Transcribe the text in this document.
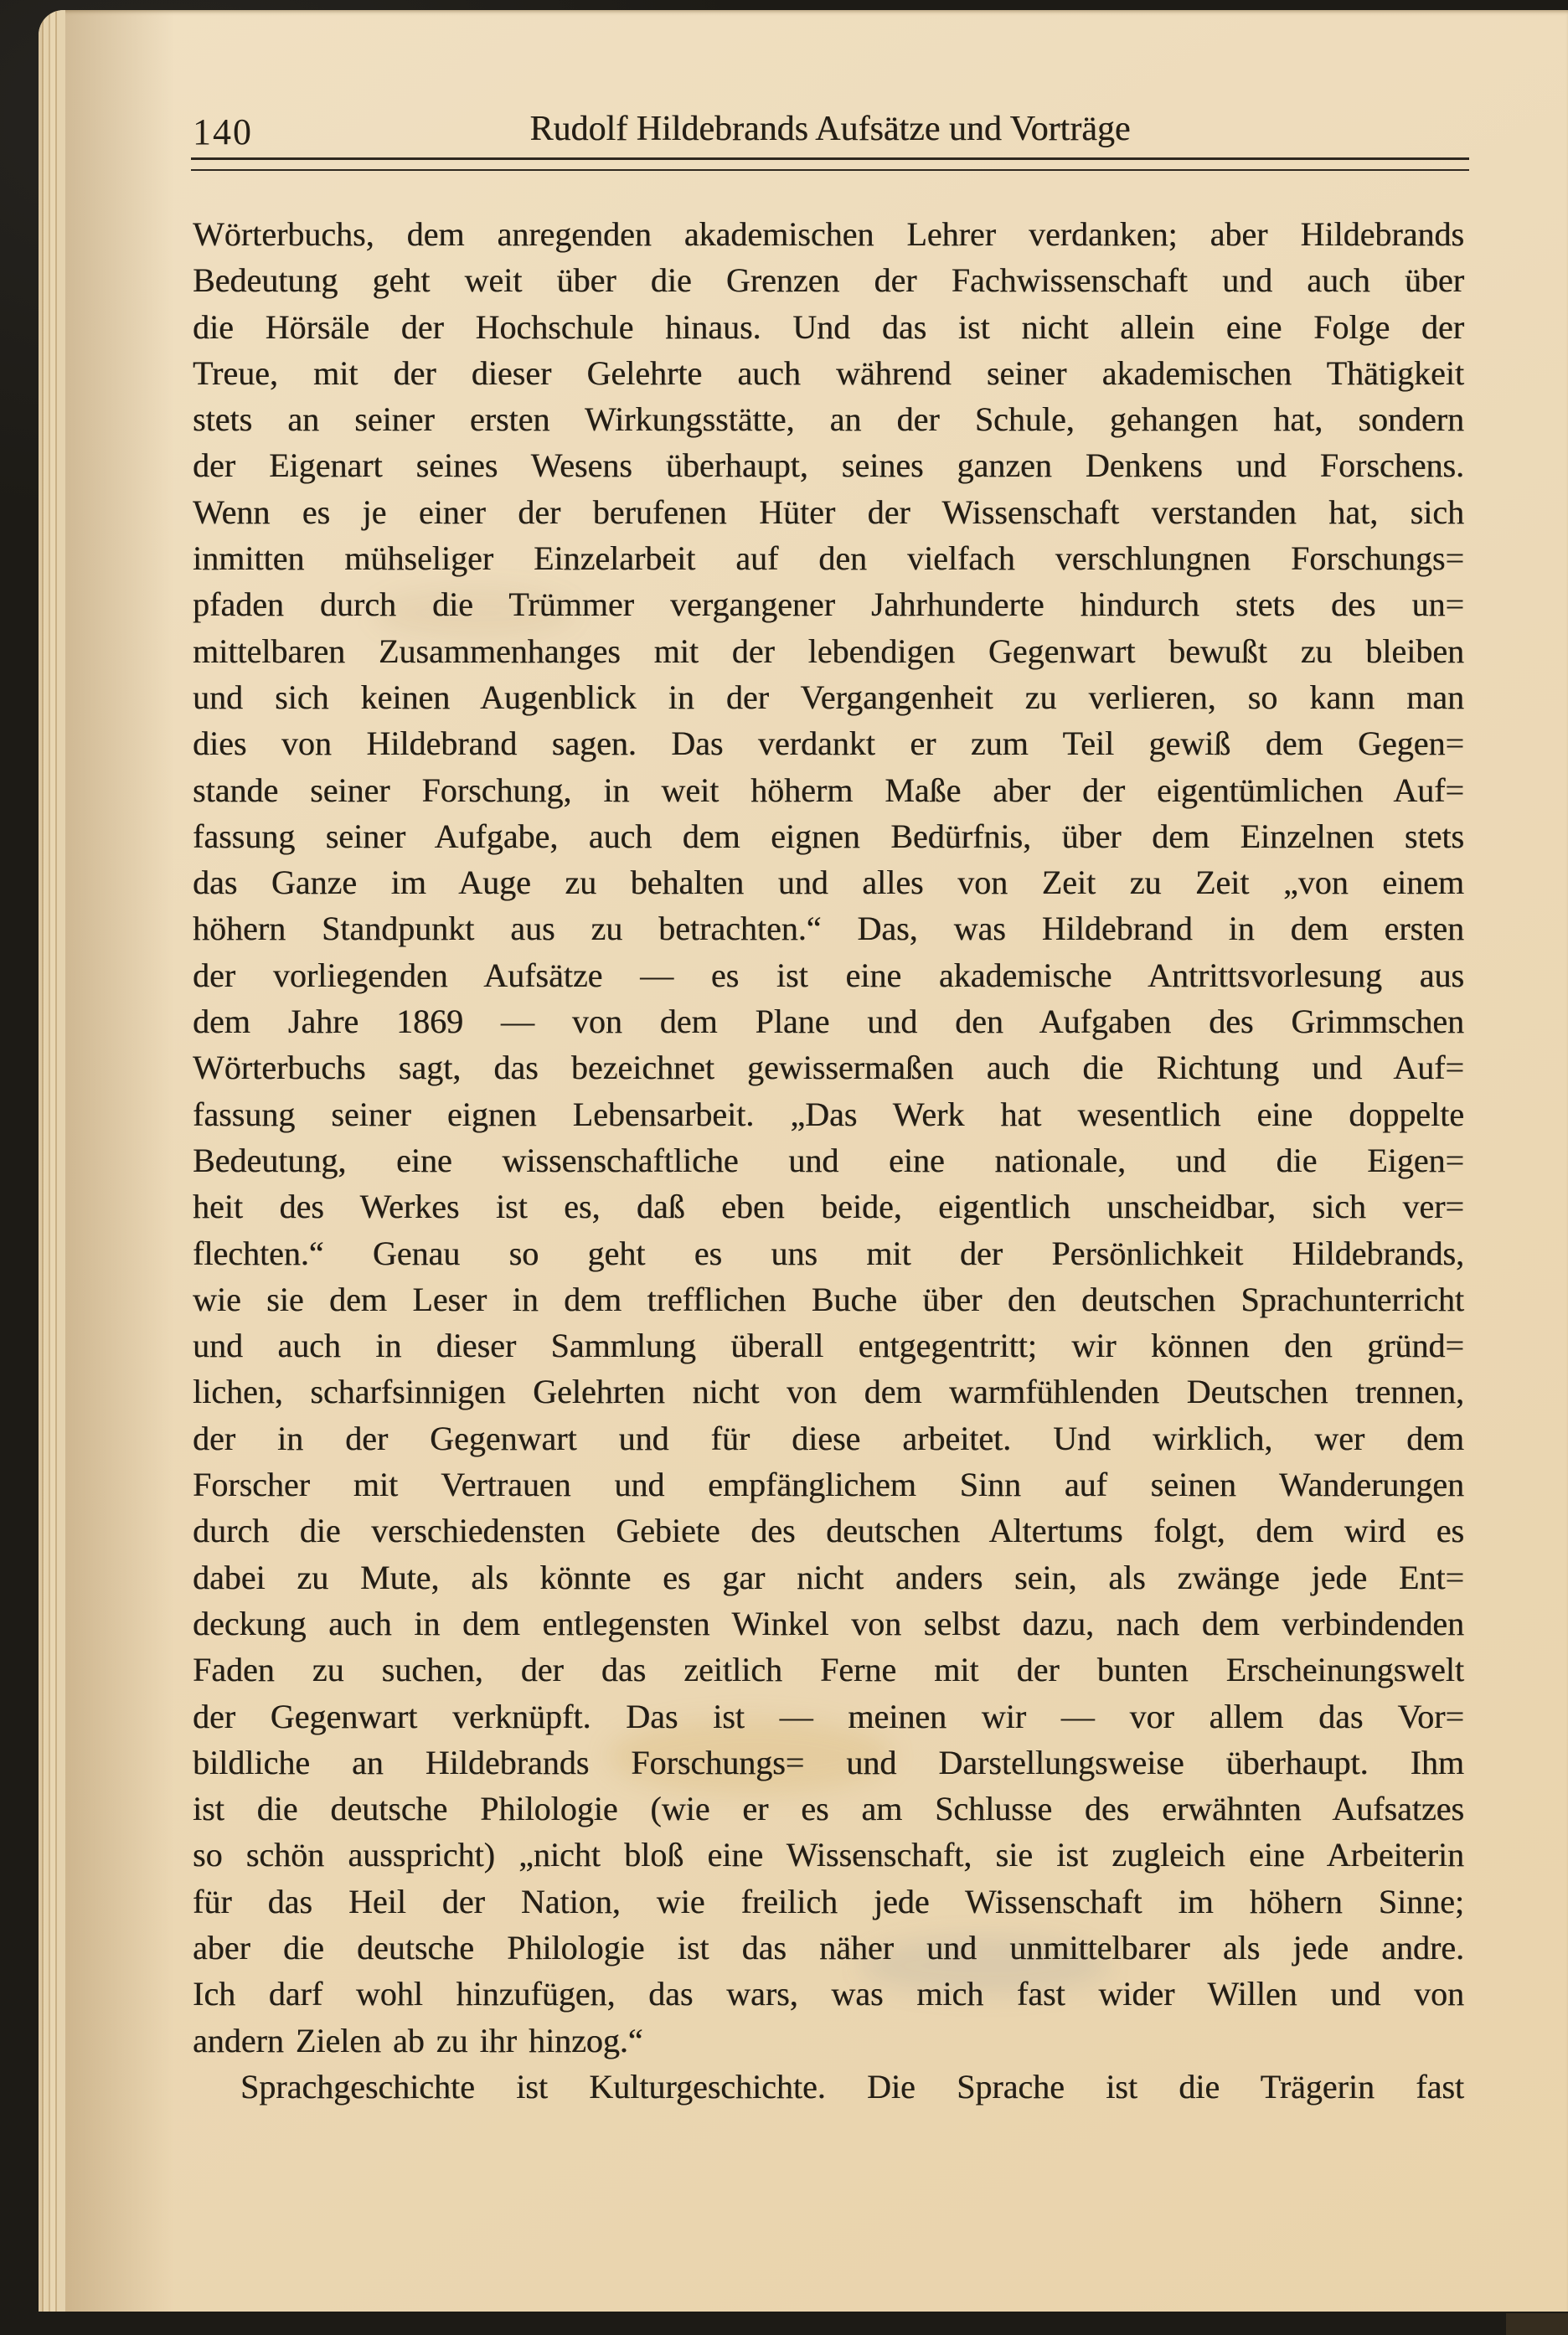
140	Rudolf Hildebrands Aufsätze und Vorträge
Wörterbuchs, dem anregenden akademischen Lehrer verdanken; aber Hildebrands
Bedeutung geht weit über die Grenzen der Fachwissenschaft und auch über
die Hörsäle der Hochschule hinaus. Und das ist nicht allein eine Folge der
Treue, mit der dieser Gelehrte auch während seiner akademischen Thätigkeit
stets an seiner ersten Wirkungsstätte, an der Schule, gehangen hat, sondern
der Eigenart seines Wesens überhaupt, seines ganzen Denkens und Forschens.
Wenn es je einer der berufenen Hüter der Wissenschaft verstanden hat, sich
inmitten mühseliger Einzelarbeit auf den vielfach verschlungnen Forschungs=
pfaden durch die Trümmer vergangener Jahrhunderte hindurch stets des un=
mittelbaren Zusammenhanges mit der lebendigen Gegenwart bewußt zu bleiben
und sich keinen Augenblick in der Vergangenheit zu verlieren, so kann man
dies von Hildebrand sagen. Das verdankt er zum Teil gewiß dem Gegen=
stande seiner Forschung, in weit höherm Maße aber der eigentümlichen Auf=
fassung seiner Aufgabe, auch dem eignen Bedürfnis, über dem Einzelnen stets
das Ganze im Auge zu behalten und alles von Zeit zu Zeit „von einem
höhern Standpunkt aus zu betrachten.“ Das, was Hildebrand in dem ersten
der vorliegenden Aufsätze — es ist eine akademische Antrittsvorlesung aus
dem Jahre 1869 — von dem Plane und den Aufgaben des Grimmschen
Wörterbuchs sagt, das bezeichnet gewissermaßen auch die Richtung und Auf=
fassung seiner eignen Lebensarbeit. „Das Werk hat wesentlich eine doppelte
Bedeutung, eine wissenschaftliche und eine nationale, und die Eigen=
heit des Werkes ist es, daß eben beide, eigentlich unscheidbar, sich ver=
flechten.“ Genau so geht es uns mit der Persönlichkeit Hildebrands,
wie sie dem Leser in dem trefflichen Buche über den deutschen Sprachunterricht
und auch in dieser Sammlung überall entgegentritt; wir können den gründ=
lichen, scharfsinnigen Gelehrten nicht von dem warmfühlenden Deutschen trennen,
der in der Gegenwart und für diese arbeitet. Und wirklich, wer dem
Forscher mit Vertrauen und empfänglichem Sinn auf seinen Wanderungen
durch die verschiedensten Gebiete des deutschen Altertums folgt, dem wird es
dabei zu Mute, als könnte es gar nicht anders sein, als zwänge jede Ent=
deckung auch in dem entlegensten Winkel von selbst dazu, nach dem verbindenden
Faden zu suchen, der das zeitlich Ferne mit der bunten Erscheinungswelt
der Gegenwart verknüpft. Das ist — meinen wir — vor allem das Vor=
bildliche an Hildebrands Forschungs= und Darstellungsweise überhaupt. Ihm
ist die deutsche Philologie (wie er es am Schlusse des erwähnten Aufsatzes
so schön ausspricht) „nicht bloß eine Wissenschaft, sie ist zugleich eine Arbeiterin
für das Heil der Nation, wie freilich jede Wissenschaft im höhern Sinne;
aber die deutsche Philologie ist das näher und unmittelbarer als jede andre.
Ich darf wohl hinzufügen, das wars, was mich fast wider Willen und von
andern Zielen ab zu ihr hinzog.“
Sprachgeschichte ist Kulturgeschichte. Die Sprache ist die Trägerin fast
